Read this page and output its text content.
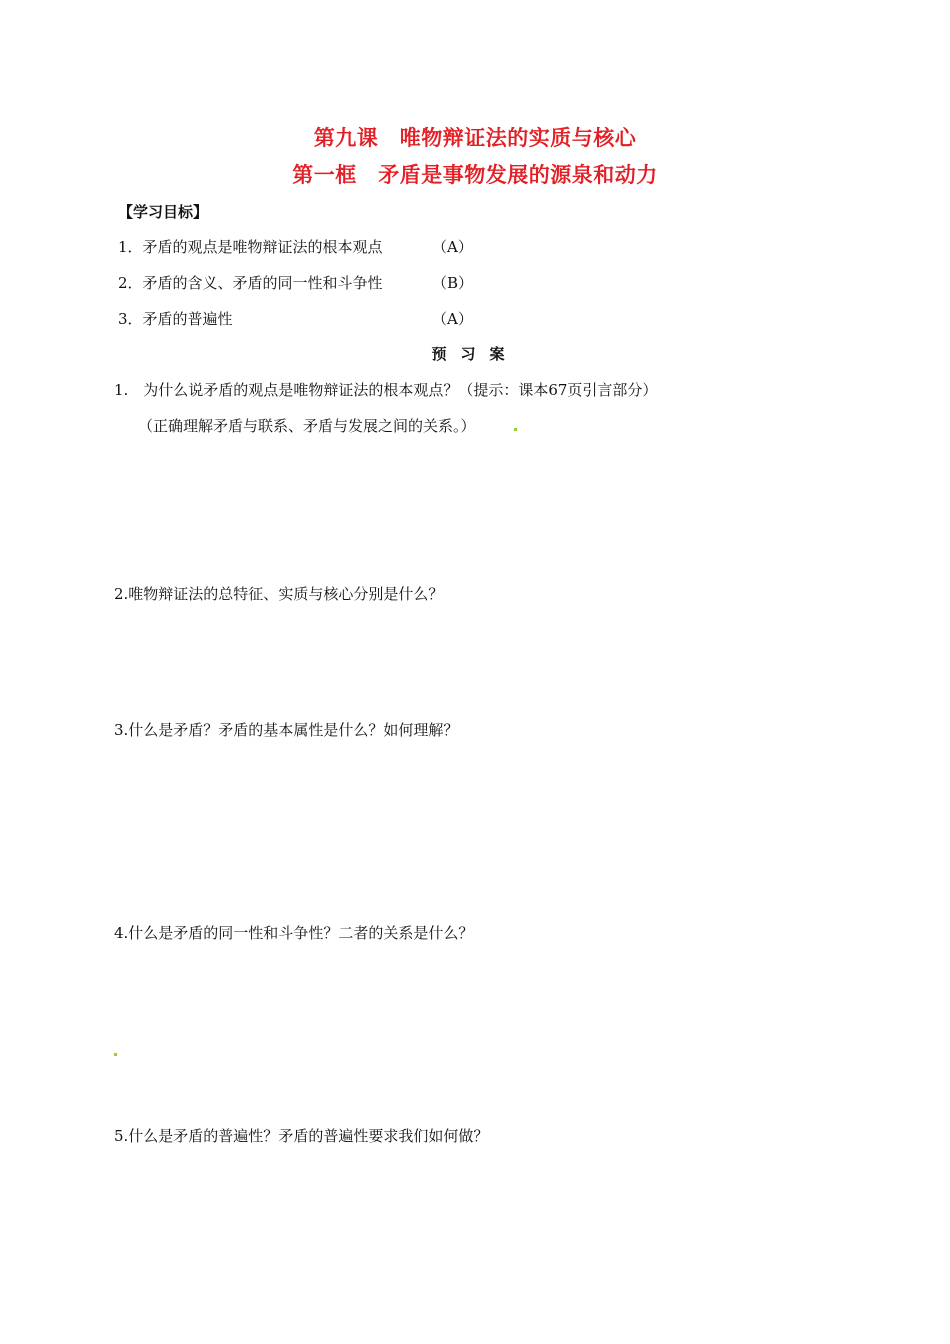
第九课　唯物辩证法的实质与核心
第一框　矛盾是事物发展的源泉和动力
【学习目标】
1．矛盾的观点是唯物辩证法的根本观点	（A）
2．矛盾的含义、矛盾的同一性和斗争性	（B）
3．矛盾的普遍性	（A）
预习案
1.　为什么说矛盾的观点是唯物辩证法的根本观点？（提示：课本67页引言部分）
（正确理解矛盾与联系、矛盾与发展之间的关系。）
2.唯物辩证法的总特征、实质与核心分别是什么？
3.什么是矛盾？矛盾的基本属性是什么？如何理解？
4.什么是矛盾的同一性和斗争性？二者的关系是什么？
5.什么是矛盾的普遍性？矛盾的普遍性要求我们如何做？
